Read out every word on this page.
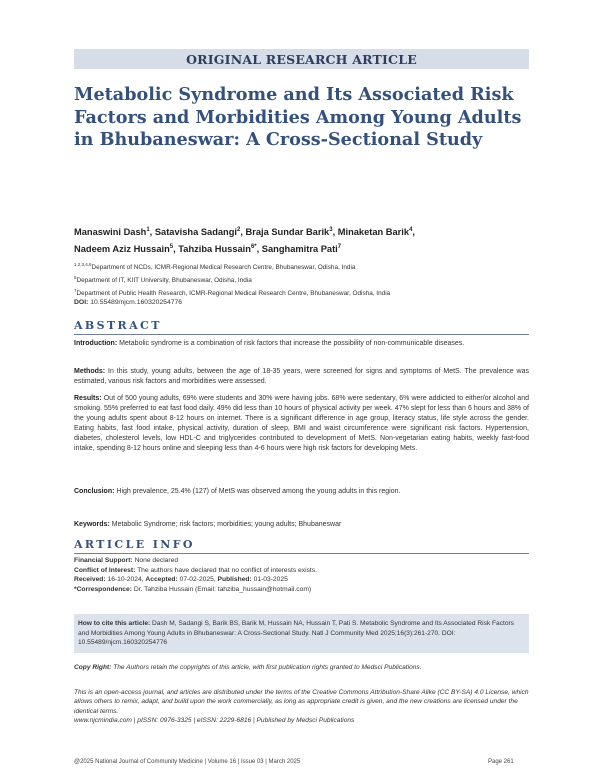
ORIGINAL RESEARCH ARTICLE
Metabolic Syndrome and Its Associated Risk Factors and Morbidities Among Young Adults in Bhubaneswar: A Cross-Sectional Study
Manaswini Dash$^1$, Satavisha Sadangi$^2$, Braja Sundar Barik$^3$, Minaketan Barik$^4$,
Nadeem Aziz Hussain$^5$, Tahziba Hussain$^{6*}$, Sanghamitra Pati$^7$
$^{1,2,3,4,6}$Department of NCDs, ICMR-Regional Medical Research Centre, Bhubaneswar, Odisha, India
$^5$Department of IT, KIIT University, Bhubaneswar, Odisha, India
$^7$Department of Public Health Research, ICMR-Regional Medical Research Centre, Bhubaneswar, Odisha, India
DOI: 10.55489/njcm.160320254776
ABSTRACT

Introduction: Metabolic syndrome is a combination of risk factors that increase the possibility of non-communicable diseases.

Methods: In this study, young adults, between the age of 18-35 years, were screened for signs and symptoms of MetS. The prevalence was estimated, various risk factors and morbidities were assessed.

Results: Out of 500 young adults, 69% were students and 30% were having jobs. 68% were sedentary, 6% were addicted to either/or alcohol and smoking. 55% preferred to eat fast food daily. 49% did less than 10 hours of physical activity per week. 47% slept for less than 6 hours and 38% of the young adults spent about 8-12 hours on internet. There is a significant difference in age group, literacy status, life style across the gender. Eating habits, fast food intake, physical activity, duration of sleep, BMI and waist circumference were significant risk factors. Hypertension, diabetes, cholesterol levels, low HDL-C and triglycerides contributed to development of MetS. Non-vegetarian eating habits, weekly fast-food intake, spending 8-12 hours online and sleeping less than 4-6 hours were high risk factors for developing Mets.

Conclusion: High prevalence, 25.4% (127) of MetS was observed among the young adults in this region.

Keywords: Metabolic Syndrome; risk factors; morbidities; young adults; Bhubaneswar

ARTICLE INFO
Financial Support: None declared
Conflict of Interest: The authors have declared that no conflict of interests exists.
Received: 16-10-2024, Accepted: 07-02-2025, Published: 01-03-2025
*Correspondence: Dr. Tahziba Hussain (Email: tahziba_hussain@hotmail.com)
How to cite this article: Dash M, Sadangi S, Barik BS, Barik M, Hussain NA, Hussain T, Pati S. Metabolic Syndrome and Its Associated Risk Factors and Morbidities Among Young Adults in Bhubaneswar: A Cross-Sectional Study. Natl J Community Med 2025;16(3):261-270. DOI: 10.55489/njcm.160320254776
Copy Right: The Authors retain the copyrights of this article, with first publication rights granted to Medsci Publications.
This is an open-access journal, and articles are distributed under the terms of the Creative Commons Attribution-Share Alike (CC BY-SA) 4.0 License, which allows others to remix, adapt, and build upon the work commercially, as long as appropriate credit is given, and the new creations are licensed under the identical terms.
www.njcmindia.com | pISSN: 0976-3325 | eISSN: 2229-6816 | Published by Medsci Publications
@2025 National Journal of Community Medicine | Volume 16 | Issue 03 | March 2025	Page 261
